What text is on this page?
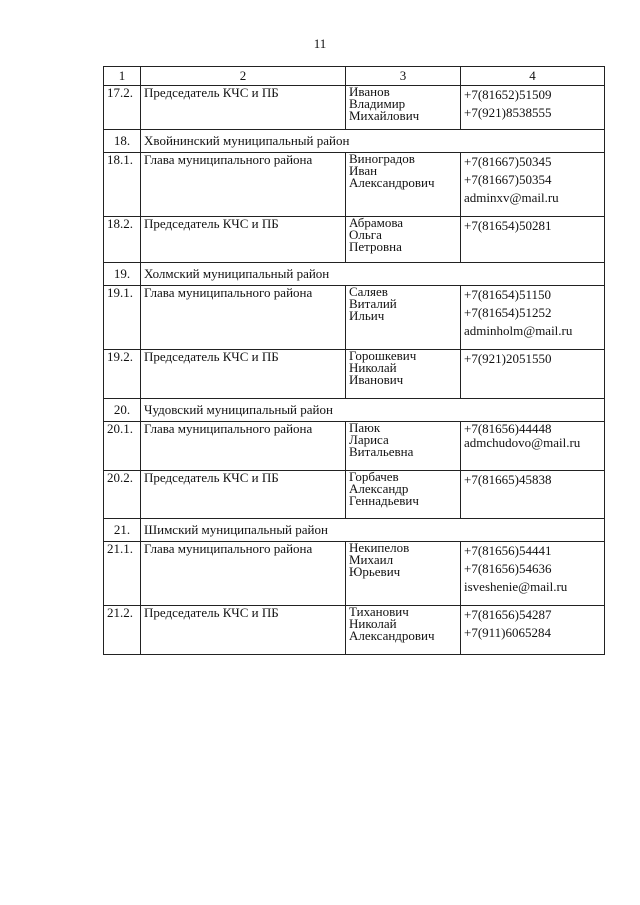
11
1	2	3	4
17.2.	Председатель КЧС и ПБ	Иванов
Владимир
Михайлович	+7(81652)51509
+7(921)8538555

18.	Хвойнинский муниципальный район		
18.1.	Глава муниципального района	Виноградов
Иван
Александрович	+7(81667)50345
+7(81667)50354
adminxv@mail.ru

18.2.	Председатель КЧС и ПБ	Абрамова
Ольга
Петровна	+7(81654)50281

19.	Холмский муниципальный район		
19.1.	Глава муниципального района	Саляев
Виталий
Ильич	+7(81654)51150
+7(81654)51252
adminholm@mail.ru

19.2.	Председатель КЧС и ПБ	Горошкевич
Николай
Иванович	+7(921)2051550

20.	Чудовский муниципальный район		
20.1.	Глава муниципального района	Паюк
Лариса
Витальевна	+7(81656)44448
admchudovo@mail.ru

20.2.	Председатель КЧС и ПБ	Горбачев
Александр
Геннадьевич	+7(81665)45838

21.	Шимский муниципальный район		
21.1.	Глава муниципального района	Некипелов
Михаил
Юрьевич	+7(81656)54441
+7(81656)54636
isveshenie@mail.ru

21.2.	Председатель КЧС и ПБ	Тиханович
Николай
Александрович	+7(81656)54287
+7(911)6065284
